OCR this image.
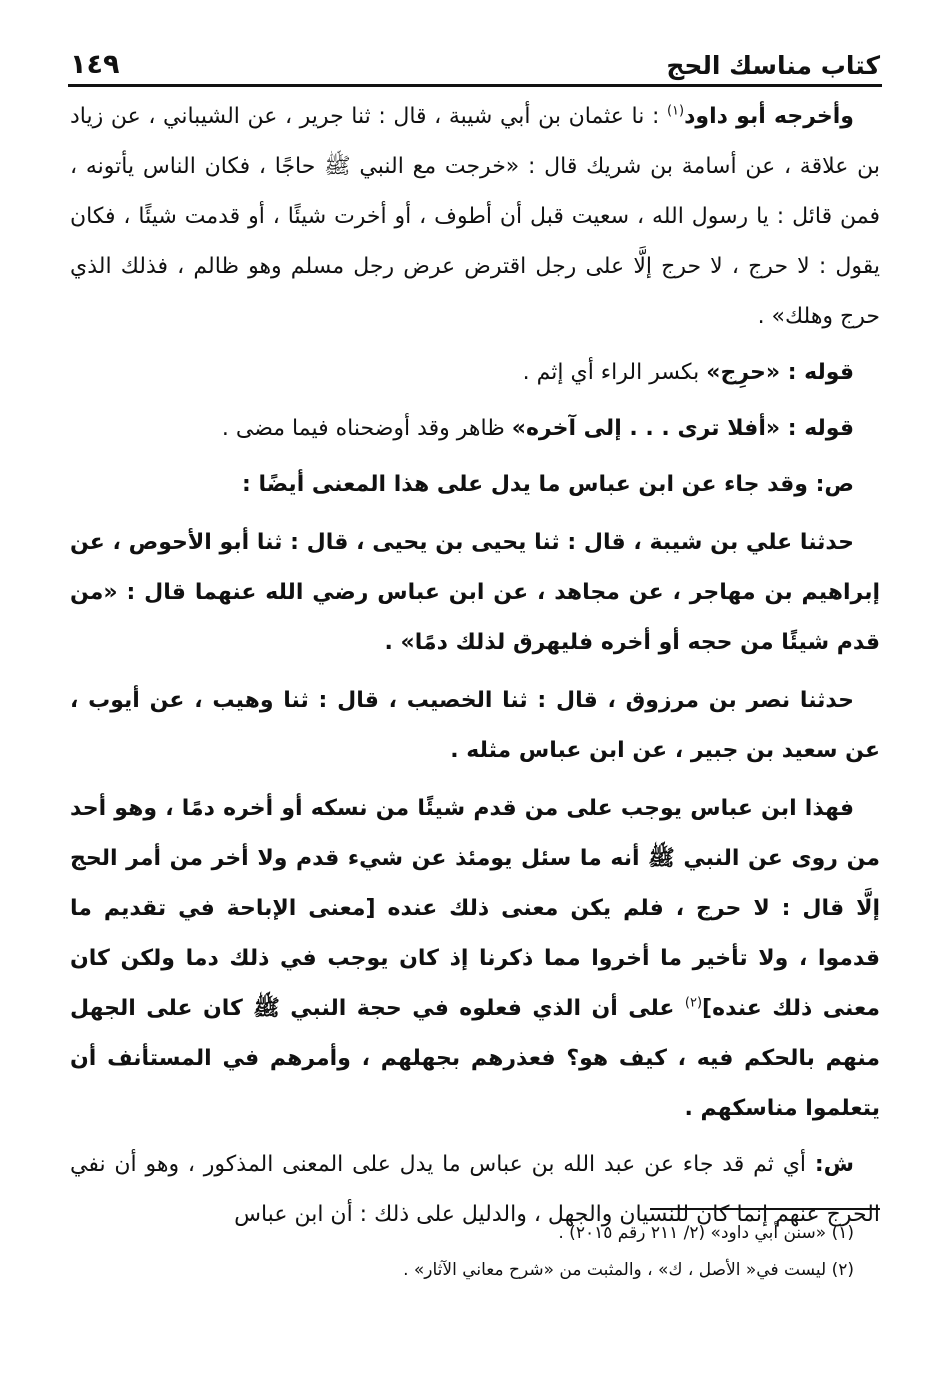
كتاب مناسك الحج
١٤٩

وأخرجه أبو داود$^{(١)}$ : نا عثمان بن أبي شيبة ، قال : ثنا جرير ، عن الشيباني ، عن زياد بن علاقة ، عن أسامة بن شريك قال : «خرجت مع النبي ﷺ حاجًا ، فكان الناس يأتونه ، فمن قائل : يا رسول الله ، سعيت قبل أن أطوف ، أو أخرت شيئًا ، أو قدمت شيئًا ، فكان يقول : لا حرج ، لا حرج إلَّا على رجل اقترض عرض رجل مسلم وهو ظالم ، فذلك الذي حرج وهلك» .

قوله : «حرِج» بكسر الراء أي إثم .

قوله : «أفلا ترى . . . إلى آخره» ظاهر وقد أوضحناه فيما مضى .

ص: وقد جاء عن ابن عباس ما يدل على هذا المعنى أيضًا :

حدثنا علي بن شيبة ، قال : ثنا يحيى بن يحيى ، قال : ثنا أبو الأحوص ، عن إبراهيم بن مهاجر ، عن مجاهد ، عن ابن عباس رضي الله عنهما قال : «من قدم شيئًا من حجه أو أخره فليهرق لذلك دمًا» .

حدثنا نصر بن مرزوق ، قال : ثنا الخصيب ، قال : ثنا وهيب ، عن أيوب ، عن سعيد بن جبير ، عن ابن عباس مثله .

فهذا ابن عباس يوجب على من قدم شيئًا من نسكه أو أخره دمًا ، وهو أحد من روى عن النبي ﷺ أنه ما سئل يومئذ عن شيء قدم ولا أخر من أمر الحج إلَّا قال : لا حرج ، فلم يكن معنى ذلك عنده [معنى الإباحة في تقديم ما قدموا ، ولا تأخير ما أخروا مما ذكرنا إذ كان يوجب في ذلك دما ولكن كان معنى ذلك عنده]$^{(٢)}$ على أن الذي فعلوه في حجة النبي ﷺ كان على الجهل منهم بالحكم فيه ، كيف هو؟ فعذرهم بجهلهم ، وأمرهم في المستأنف أن يتعلموا مناسكهم .

ش: أي ثم قد جاء عن عبد الله بن عباس ما يدل على المعنى المذكور ، وهو أن نفي الحرج عنهم إنما كان للنسيان والجهل ، والدليل على ذلك : أن ابن عباس

(١) «سنن أبي داود» (٢/ ٢١١ رقم ٢٠١٥) .

(٢) ليست في« الأصل ، ك» ، والمثبت من «شرح معاني الآثار» .
